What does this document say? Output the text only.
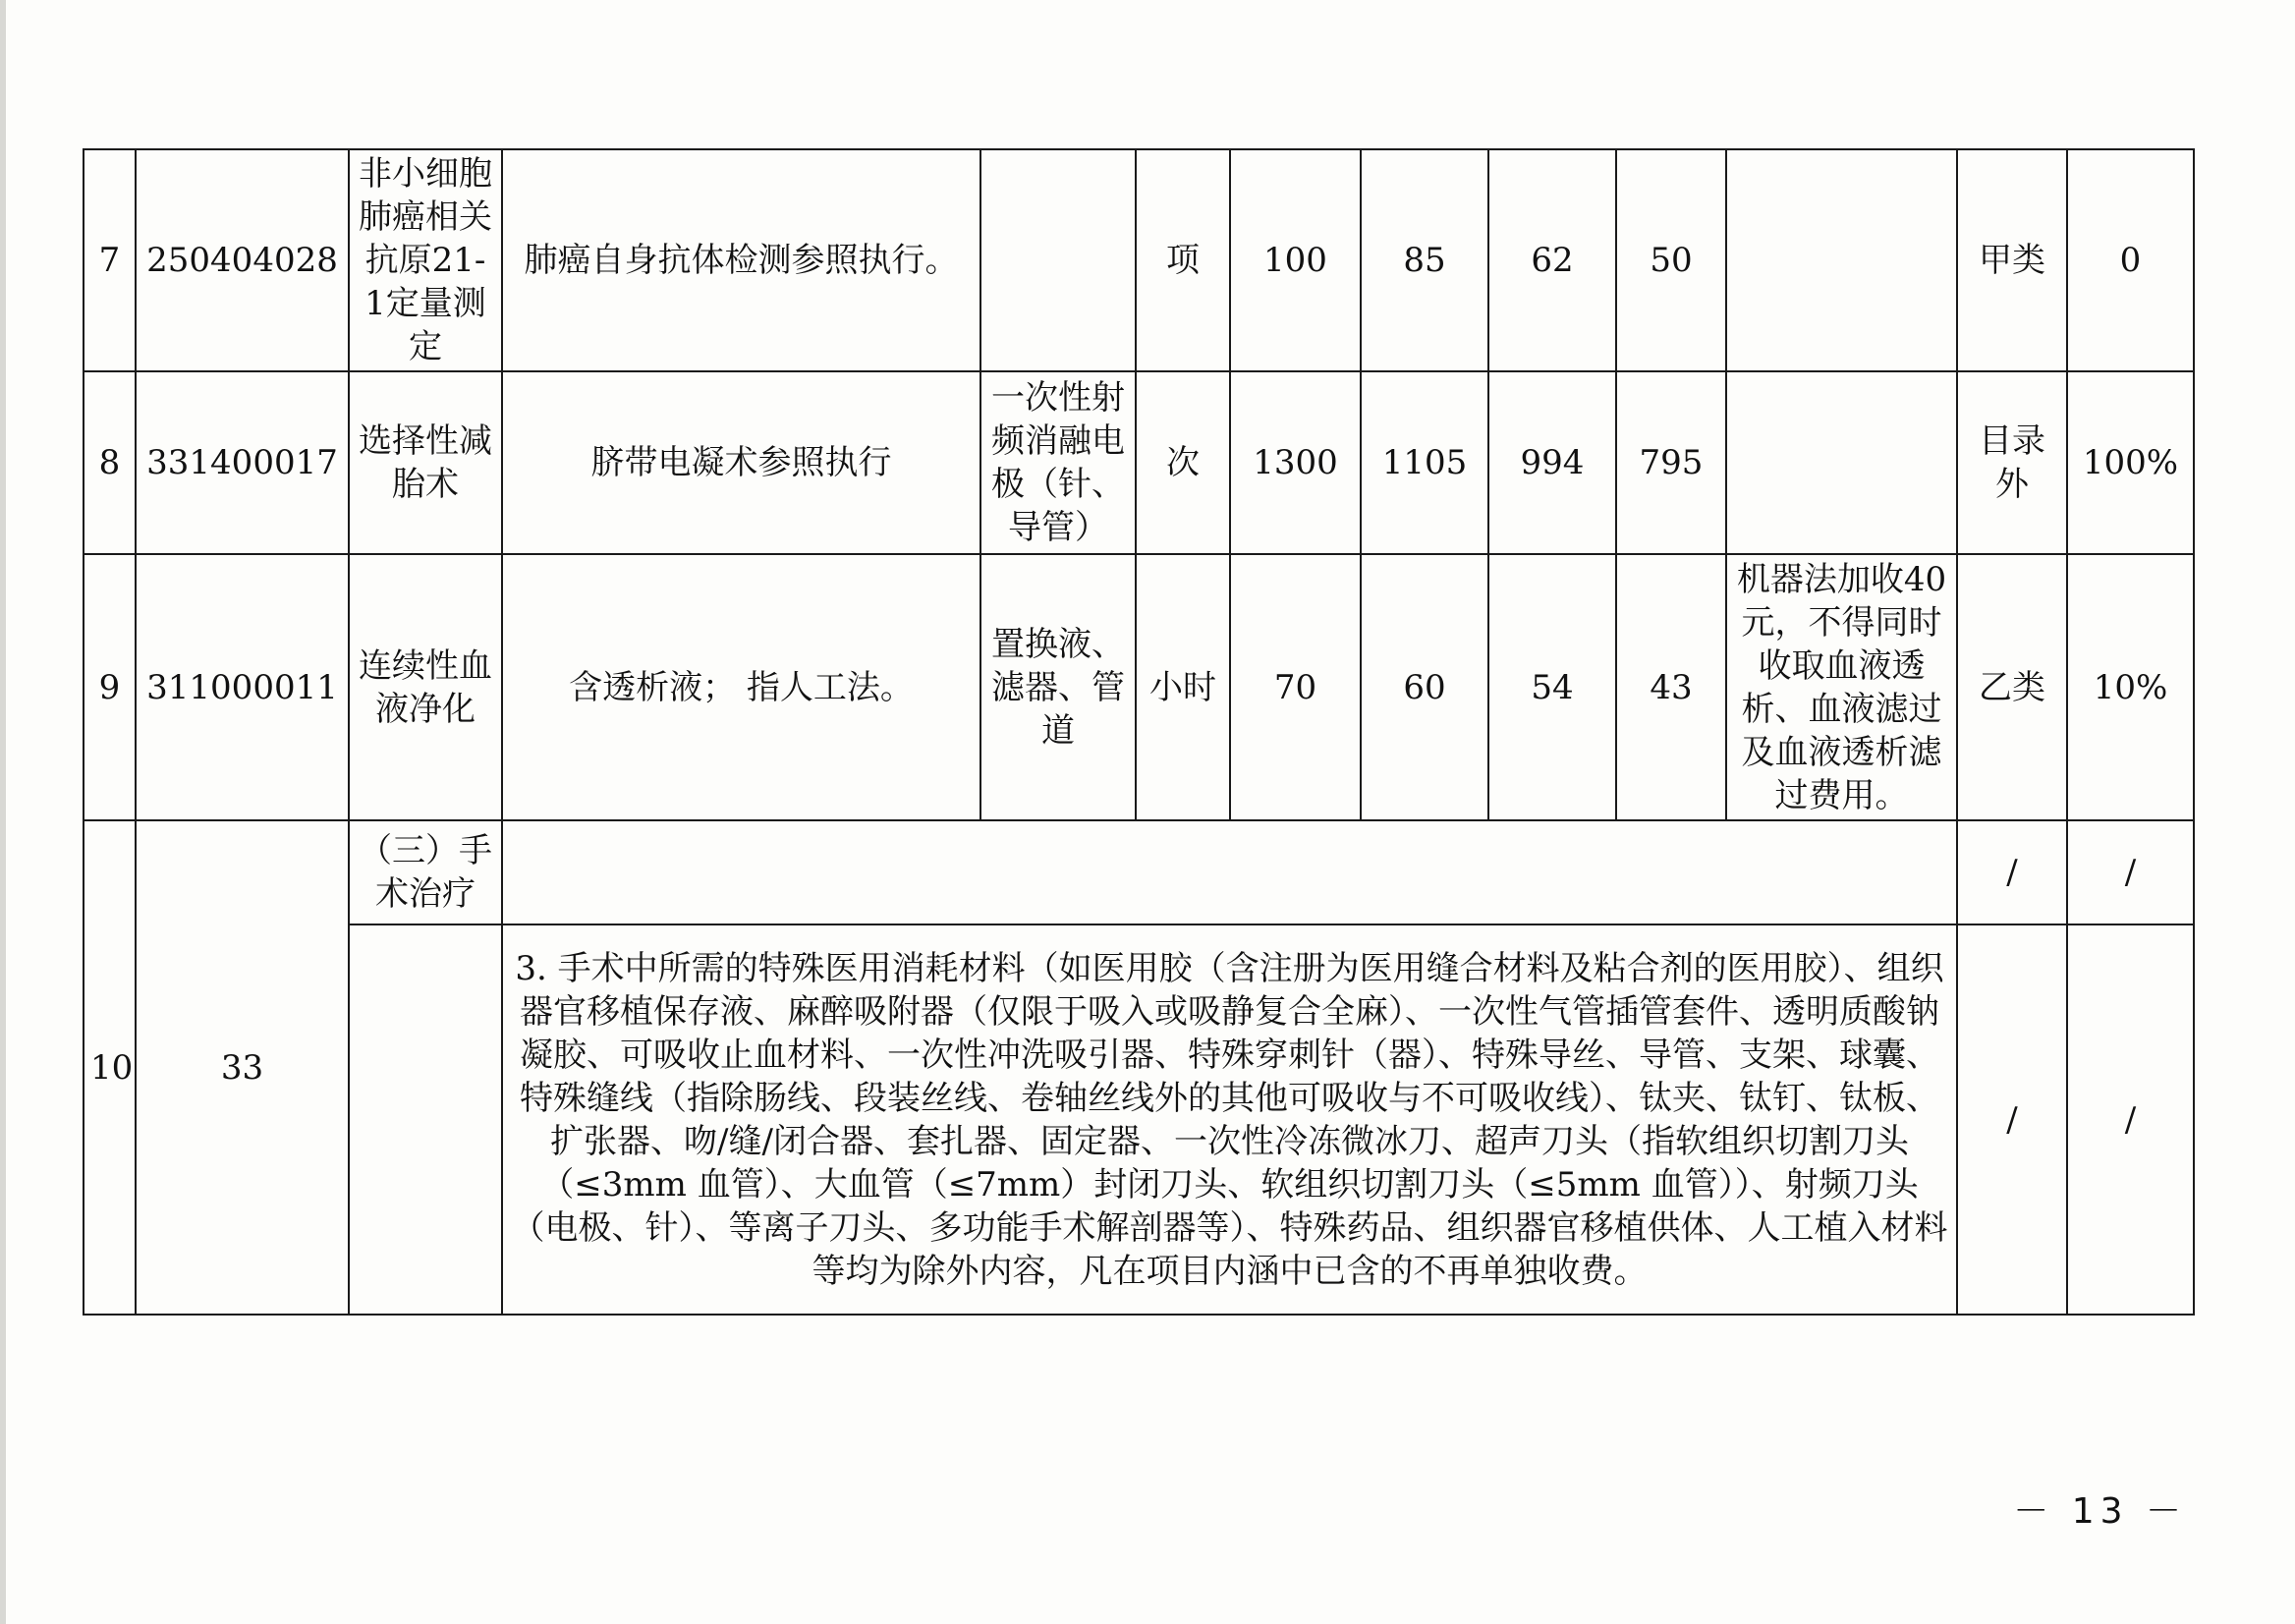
7	250404028	非小细胞肺癌相关抗原21-1定量测定	肺癌自身抗体检测参照执行。		项	100	85	62	50		甲类	0
8	331400017	选择性减胎术	脐带电凝术参照执行	一次性射频消融电极（针、导管）	次	1300	1105	994	795		目录外	100%
9	311000011	连续性血液净化	含透析液； 指人工法。	置换液、滤器、管道	小时	70	60	54	43	机器法加收40元，不得同时收取血液透析、血液滤过及血液透析滤过费用。	乙类	10%
10	33	（三）手术治疗									/	/
			3. 手术中所需的特殊医用消耗材料（如医用胶（含注册为医用缝合材料及粘合剂的医用胶）、组织器官移植保存液、麻醉吸附器（仅限于吸入或吸静复合全麻）、一次性气管插管套件、透明质酸钠凝胶、可吸收止血材料、一次性冲洗吸引器、特殊穿刺针（器）、特殊导丝、导管、支架、球囊、特殊缝线（指除肠线、段装丝线、卷轴丝线外的其他可吸收与不可吸收线）、钛夹、钛钉、钛板、扩张器、吻/缝/闭合器、套扎器、固定器、一次性冷冻微冰刀、超声刀头（指软组织切割刀头（≤3mm 血管）、大血管（≤7mm）封闭刀头、软组织切割刀头（≤5mm 血管））、射频刀头（电极、针）、等离子刀头、多功能手术解剖器等）、特殊药品、组织器官移植供体、人工植入材料等均为除外内容，凡在项目内涵中已含的不再单独收费。								/	/
－ 13 －
